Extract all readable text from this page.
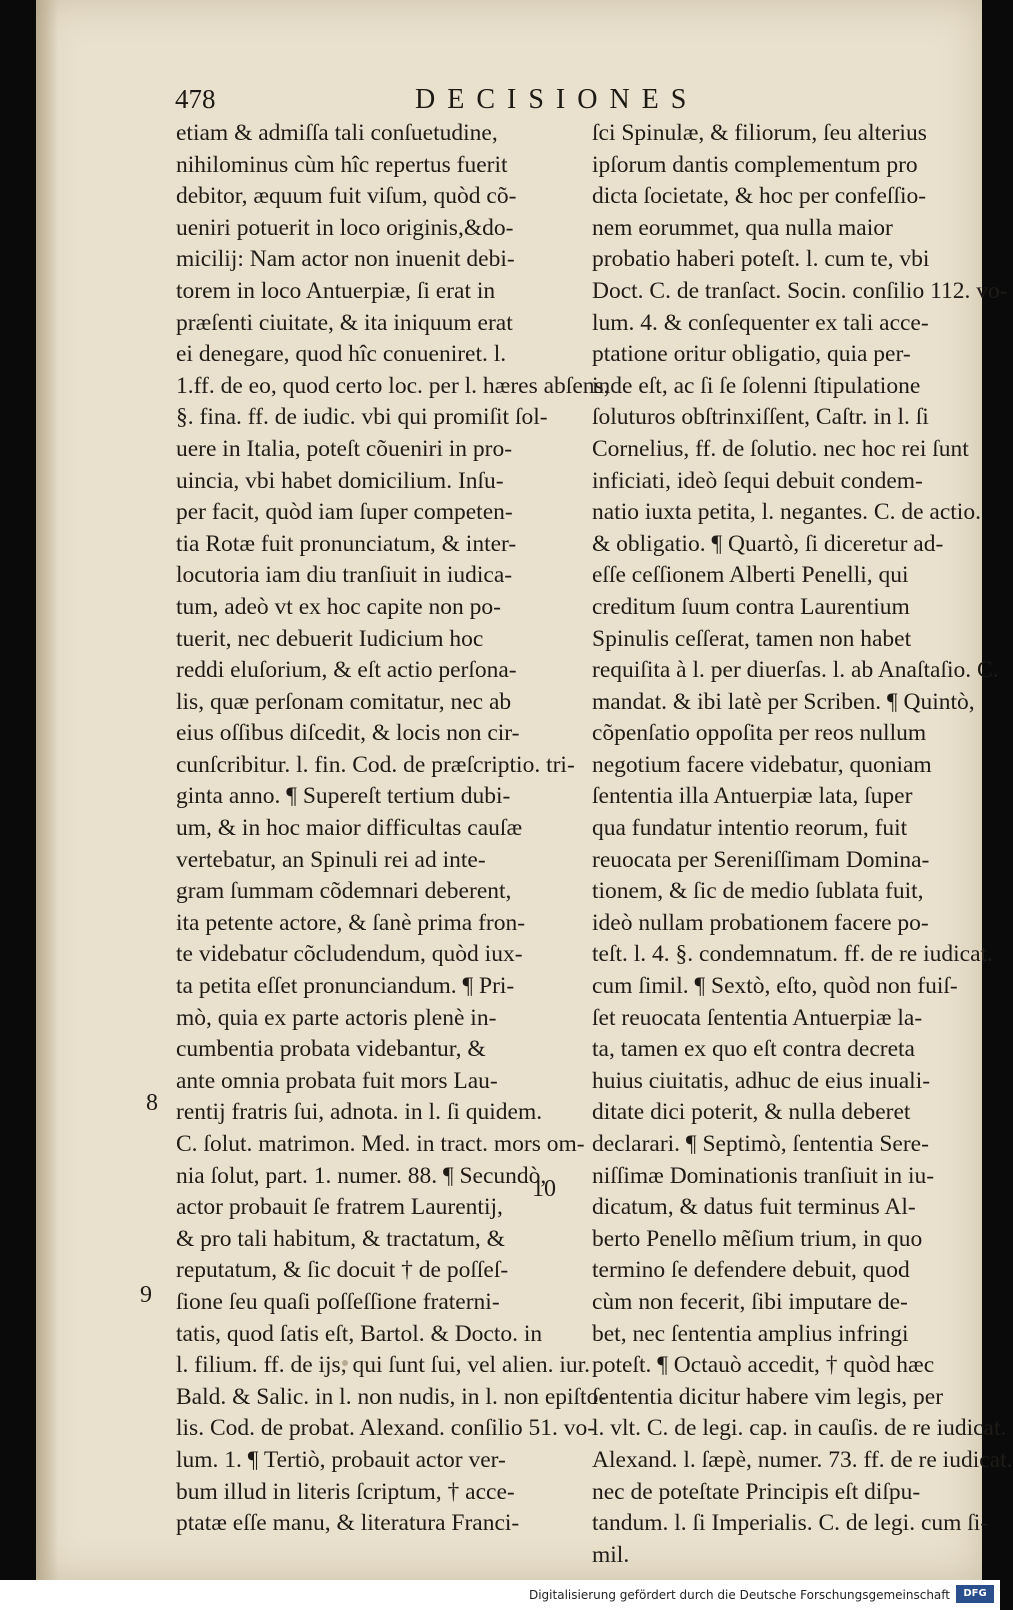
478	DECISIONES
etiam & admiſſa tali conſuetudine,
nihilominus cùm hîc repertus fuerit
debitor, æquum fuit viſum, quòd cõ-
ueniri potuerit in loco originis,&do-
micilij: Nam actor non inuenit debi-
torem in loco Antuerpiæ, ſi erat in
præſenti ciuitate, & ita iniquum erat
ei denegare, quod hîc conueniret. l.
1.ff. de eo, quod certo loc. per l. hæres abſens,
§. fina. ff. de iudic. vbi qui promiſit ſol-
uere in Italia, poteſt cõueniri in pro-
uincia, vbi habet domicilium. Inſu-
per facit, quòd iam ſuper competen-
tia Rotæ fuit pronunciatum, & inter-
locutoria iam diu tranſiuit in iudica-
tum, adeò vt ex hoc capite non po-
tuerit, nec debuerit Iudicium hoc
reddi eluſorium, & eſt actio perſona-
lis, quæ perſonam comitatur, nec ab
eius oſſibus diſcedit, & locis non cir-
cunſcribitur. l. fin. Cod. de præſcriptio. tri-
ginta anno. ¶ Supereſt tertium dubi-
um, & in hoc maior difficultas cauſæ
vertebatur, an Spinuli rei ad inte-
gram ſummam cõdemnari deberent,
ita petente actore, & ſanè prima fron-
te videbatur cõcludendum, quòd iux-
ta petita eſſet pronunciandum. ¶ Pri-
mò, quia ex parte actoris plenè in-
cumbentia probata videbantur, &
ante omnia probata fuit mors Lau-
rentij fratris ſui, adnota. in l. ſi quidem.
C. ſolut. matrimon. Med. in tract. mors om-
nia ſolut, part. 1. numer. 88. ¶ Secundò,
actor probauit ſe fratrem Laurentij,
& pro tali habitum, & tractatum, &
reputatum, & ſic docuit † de poſſeſ-
ſione ſeu quaſi poſſeſſione fraterni-
tatis, quod ſatis eſt, Bartol. & Docto. in
l. filium. ff. de ijs, qui ſunt ſui, vel alien. iur.
Bald. & Salic. in l. non nudis, in l. non epiſto-
lis. Cod. de probat. Alexand. conſilio 51. vo-
lum. 1. ¶ Tertiò, probauit actor ver-
bum illud in literis ſcriptum, † acce-
ptatæ eſſe manu, & literatura Franci-
ſci Spinulæ, & filiorum, ſeu alterius
ipſorum dantis complementum pro
dicta ſocietate, & hoc per confeſſio-
nem eorummet, qua nulla maior
probatio haberi poteſt. l. cum te, vbi
Doct. C. de tranſact. Socin. conſilio 112. vo-
lum. 4. & conſequenter ex tali acce-
ptatione oritur obligatio, quia per-
inde eſt, ac ſi ſe ſolenni ſtipulatione
ſoluturos obſtrinxiſſent, Caſtr. in l. ſi
Cornelius, ff. de ſolutio. nec hoc rei ſunt
inficiati, ideò ſequi debuit condem-
natio iuxta petita, l. negantes. C. de actio.
& obligatio. ¶ Quartò, ſi diceretur ad-
eſſe ceſſionem Alberti Penelli, qui
creditum ſuum contra Laurentium
Spinulis ceſſerat, tamen non habet
requiſita à l. per diuerſas. l. ab Anaſtaſio. C.
mandat. & ibi latè per Scriben. ¶ Quintò,
cõpenſatio oppoſita per reos nullum
negotium facere videbatur, quoniam
ſententia illa Antuerpiæ lata, ſuper
qua fundatur intentio reorum, fuit
reuocata per Sereniſſimam Domina-
tionem, & ſic de medio ſublata fuit,
ideò nullam probationem facere po-
teſt. l. 4. §. condemnatum. ff. de re iudicat.
cum ſimil. ¶ Sextò, eſto, quòd non fuiſ-
ſet reuocata ſententia Antuerpiæ la-
ta, tamen ex quo eſt contra decreta
huius ciuitatis, adhuc de eius inuali-
ditate dici poterit, & nulla deberet
declarari. ¶ Septimò, ſententia Sere-
niſſimæ Dominationis tranſiuit in iu-
dicatum, & datus fuit terminus Al-
berto Penello mẽſium trium, in quo
termino ſe defendere debuit, quod
cùm non fecerit, ſibi imputare de-
bet, nec ſententia amplius infringi
poteſt. ¶ Octauò accedit, † quòd hæc
ſententia dicitur habere vim legis, per
l. vlt. C. de legi. cap. in cauſis. de re iudicat.
Alexand. l. ſæpè, numer. 73. ff. de re iudicat.
nec de poteſtate Principis eſt diſpu-
tandum. l. ſi Imperialis. C. de legi. cum ſi-
mil.
8
9
10
Digitalisierung gefördert durch die Deutsche Forschungsgemeinschaft	DFG
